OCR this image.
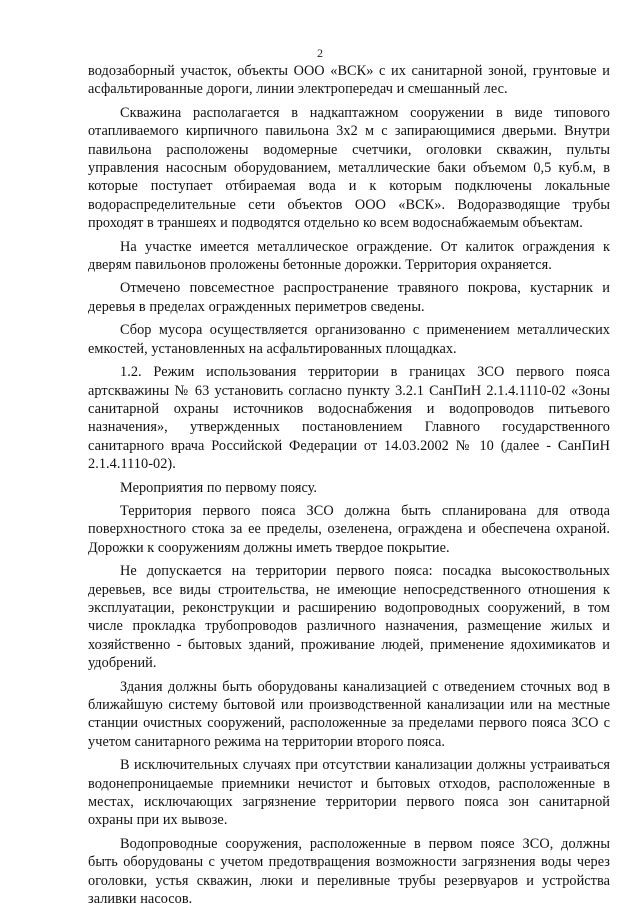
2

водозаборный участок, объекты ООО «ВСК» с их санитарной зоной, грунтовые и асфальтированные дороги, линии электропередач и смешанный лес.

Скважина располагается в надкаптажном сооружении в виде типового отапливаемого кирпичного павильона 3х2 м с запирающимися дверьми. Внутри павильона расположены водомерные счетчики, оголовки скважин, пульты управления насосным оборудованием, металлические баки объемом 0,5 куб.м, в которые поступает отбираемая вода и к которым подключены локальные водораспределительные сети объектов ООО «ВСК». Водоразводящие трубы проходят в траншеях и подводятся отдельно ко всем водоснабжаемым объектам.

На участке имеется металлическое ограждение. От калиток ограждения к дверям павильонов проложены бетонные дорожки. Территория охраняется.

Отмечено повсеместное распространение травяного покрова, кустарник и деревья в пределах огражденных периметров сведены.

Сбор мусора осуществляется организованно с применением металлических емкостей, установленных на асфальтированных площадках.

1.2. Режим использования территории в границах ЗСО первого пояса артскважины № 63 установить согласно пункту 3.2.1 СанПиН 2.1.4.1110-02 «Зоны санитарной охраны источников водоснабжения и водопроводов питьевого назначения», утвержденных постановлением Главного государственного санитарного врача Российской Федерации от 14.03.2002 № 10 (далее - СанПиН 2.1.4.1110-02).

Мероприятия по первому поясу.

Территория первого пояса ЗСО должна быть спланирована для отвода поверхностного стока за ее пределы, озеленена, ограждена и обеспечена охраной. Дорожки к сооружениям должны иметь твердое покрытие.

Не допускается на территории первого пояса: посадка высокоствольных деревьев, все виды строительства, не имеющие непосредственного отношения к эксплуатации, реконструкции и расширению водопроводных сооружений, в том числе прокладка трубопроводов различного назначения, размещение жилых и хозяйственно - бытовых зданий, проживание людей, применение ядохимикатов и удобрений.

Здания должны быть оборудованы канализацией с отведением сточных вод в ближайшую систему бытовой или производственной канализации или на местные станции очистных сооружений, расположенные за пределами первого пояса ЗСО с учетом санитарного режима на территории второго пояса.

В исключительных случаях при отсутствии канализации должны устраиваться водонепроницаемые приемники нечистот и бытовых отходов, расположенные в местах, исключающих загрязнение территории первого пояса зон санитарной охраны при их вывозе.

Водопроводные сооружения, расположенные в первом поясе ЗСО, должны быть оборудованы с учетом предотвращения возможности загрязнения воды через оголовки, устья скважин, люки и переливные трубы резервуаров и устройства заливки насосов.
